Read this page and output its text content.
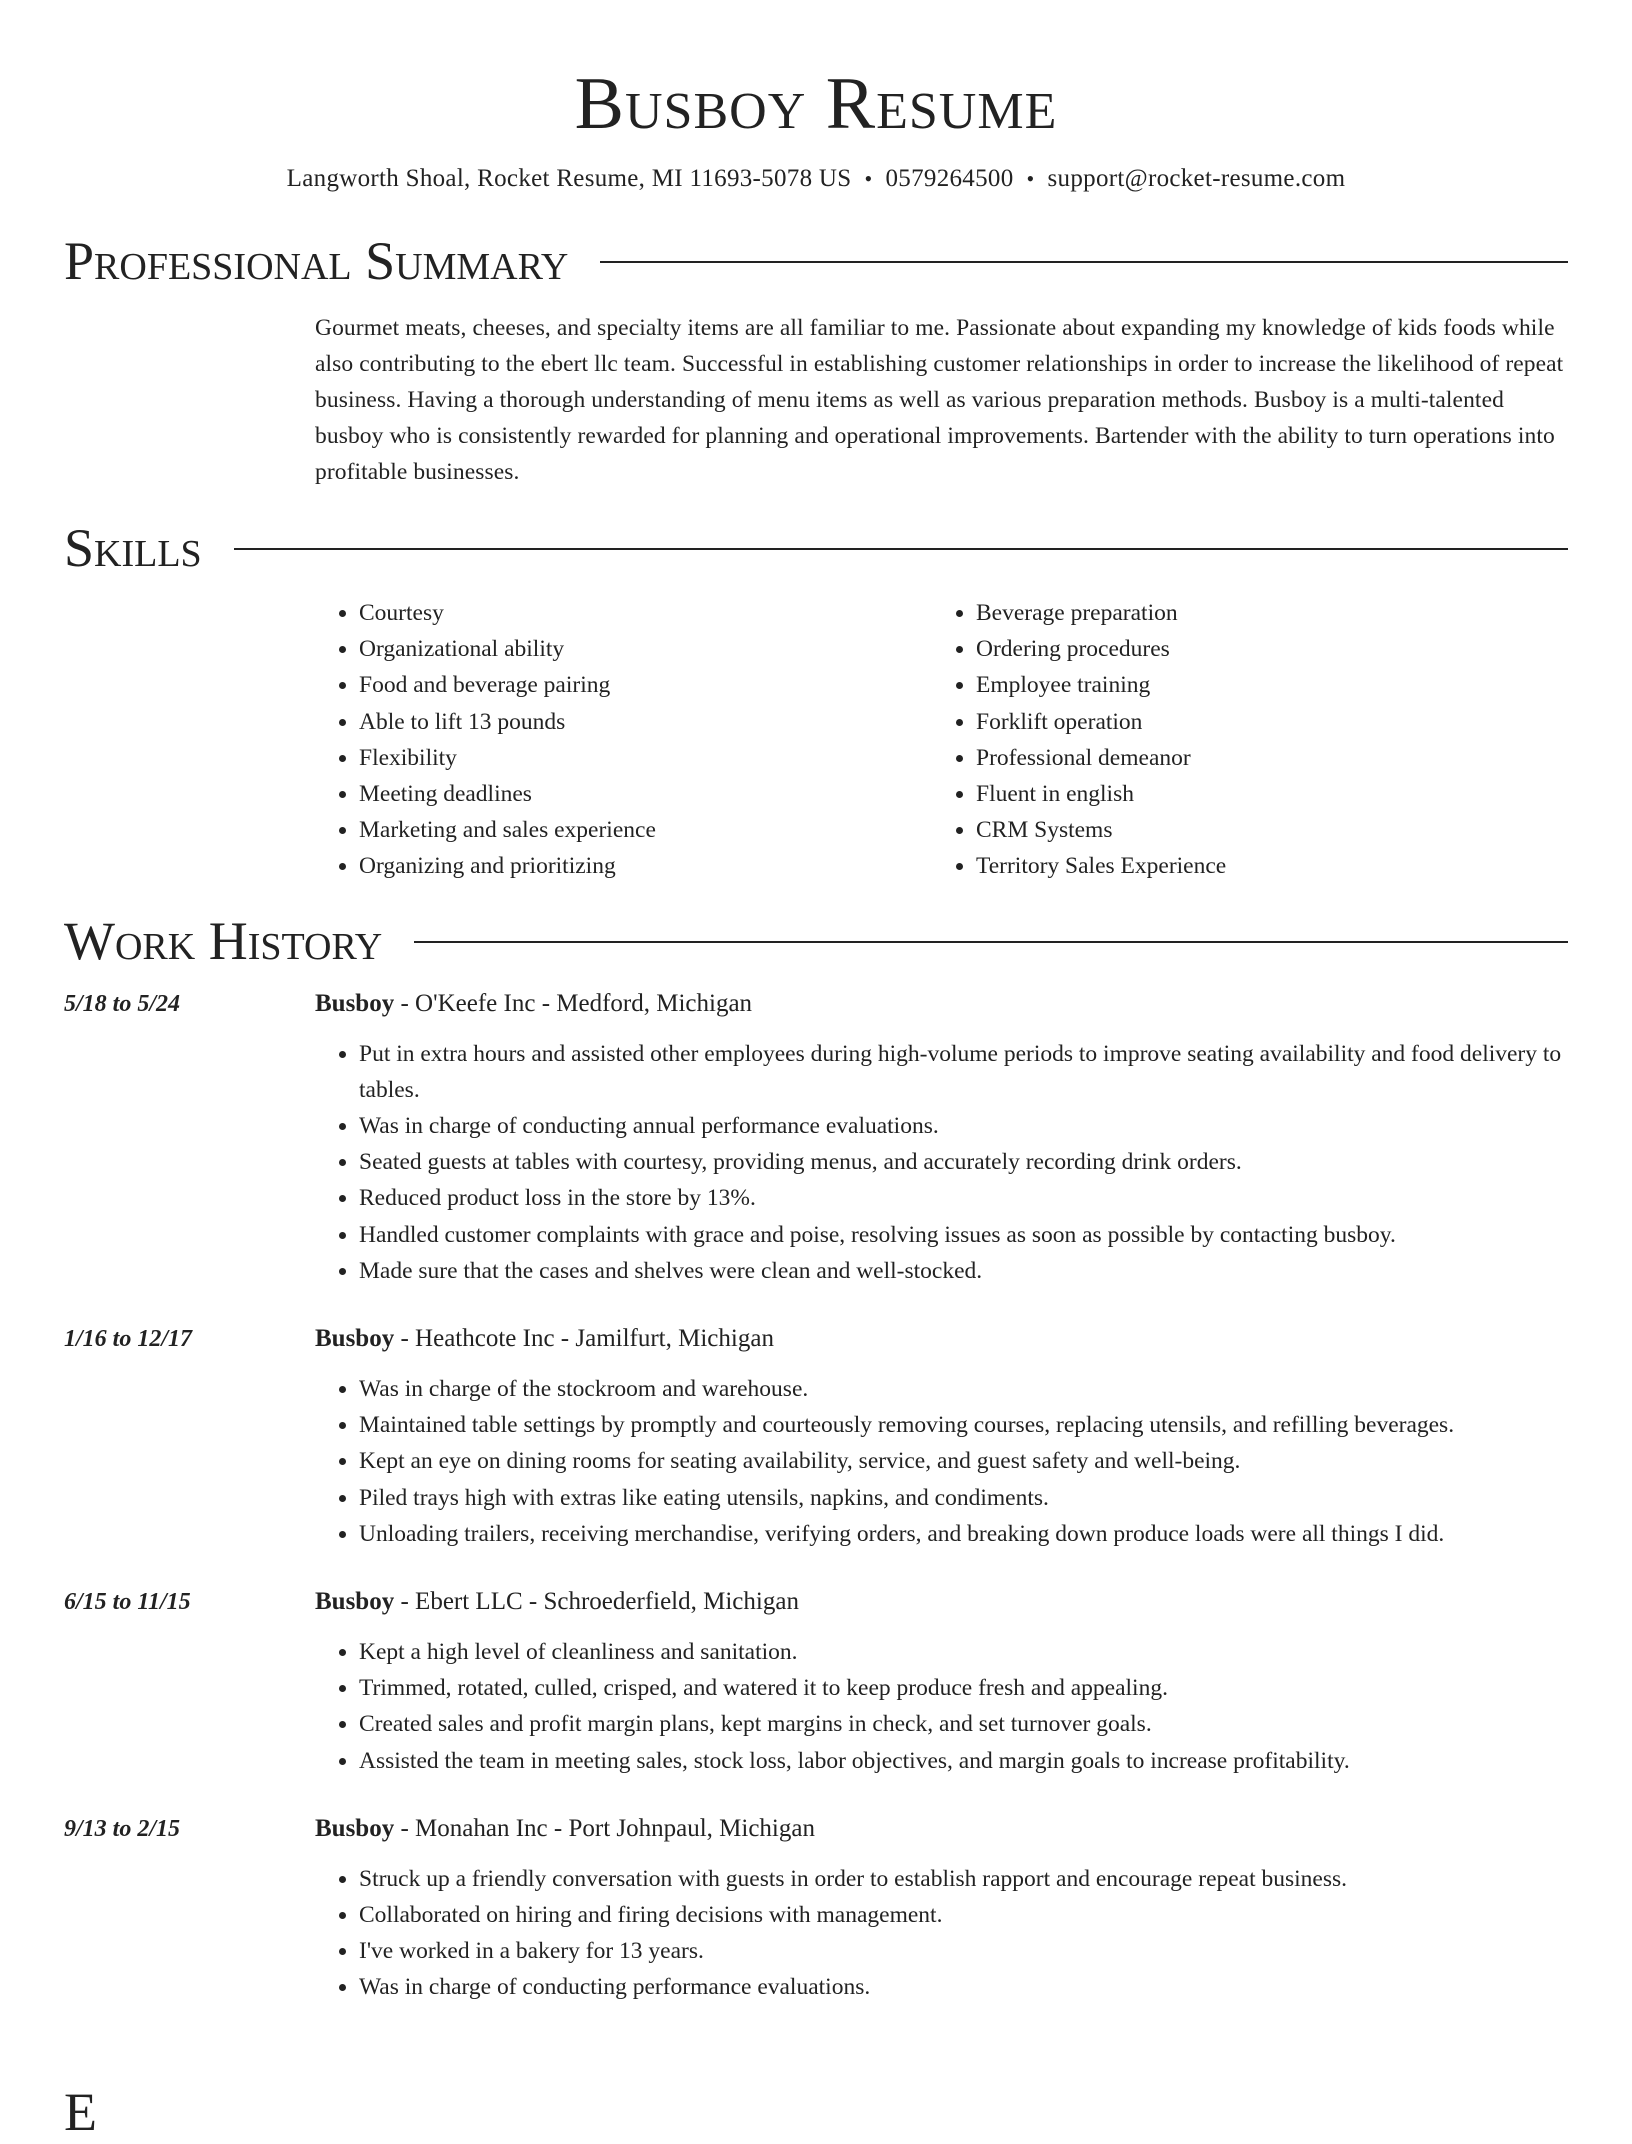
Busboy Resume
Langworth Shoal, Rocket Resume, MI 11693-5078 US • 0579264500 • support@rocket-resume.com
Professional Summary

Gourmet meats, cheeses, and specialty items are all familiar to me. Passionate about expanding my knowledge of kids foods while also contributing to the ebert llc team. Successful in establishing customer relationships in order to increase the likelihood of repeat business. Having a thorough understanding of menu items as well as various preparation methods. Busboy is a multi-talented busboy who is consistently rewarded for planning and operational improvements. Bartender with the ability to turn operations into profitable businesses.

Skills
• Courtesy
• Organizational ability
• Food and beverage pairing
• Able to lift 13 pounds
• Flexibility
• Meeting deadlines
• Marketing and sales experience
• Organizing and prioritizing
• Beverage preparation
• Ordering procedures
• Employee training
• Forklift operation
• Professional demeanor
• Fluent in english
• CRM Systems
• Territory Sales Experience
Work History
5/18 to 5/24	Busboy - O'Keefe Inc - Medford, Michigan
• Put in extra hours and assisted other employees during high-volume periods to improve seating availability and food delivery to tables.
• Was in charge of conducting annual performance evaluations.
• Seated guests at tables with courtesy, providing menus, and accurately recording drink orders.
• Reduced product loss in the store by 13%.
• Handled customer complaints with grace and poise, resolving issues as soon as possible by contacting busboy.
• Made sure that the cases and shelves were clean and well-stocked.
1/16 to 12/17	Busboy - Heathcote Inc - Jamilfurt, Michigan
• Was in charge of the stockroom and warehouse.
• Maintained table settings by promptly and courteously removing courses, replacing utensils, and refilling beverages.
• Kept an eye on dining rooms for seating availability, service, and guest safety and well-being.
• Piled trays high with extras like eating utensils, napkins, and condiments.
• Unloading trailers, receiving merchandise, verifying orders, and breaking down produce loads were all things I did.
6/15 to 11/15	Busboy - Ebert LLC - Schroederfield, Michigan
• Kept a high level of cleanliness and sanitation.
• Trimmed, rotated, culled, crisped, and watered it to keep produce fresh and appealing.
• Created sales and profit margin plans, kept margins in check, and set turnover goals.
• Assisted the team in meeting sales, stock loss, labor objectives, and margin goals to increase profitability.
9/13 to 2/15	Busboy - Monahan Inc - Port Johnpaul, Michigan
• Struck up a friendly conversation with guests in order to establish rapport and encourage repeat business.
• Collaborated on hiring and firing decisions with management.
• I've worked in a bakery for 13 years.
• Was in charge of conducting performance evaluations.
E
